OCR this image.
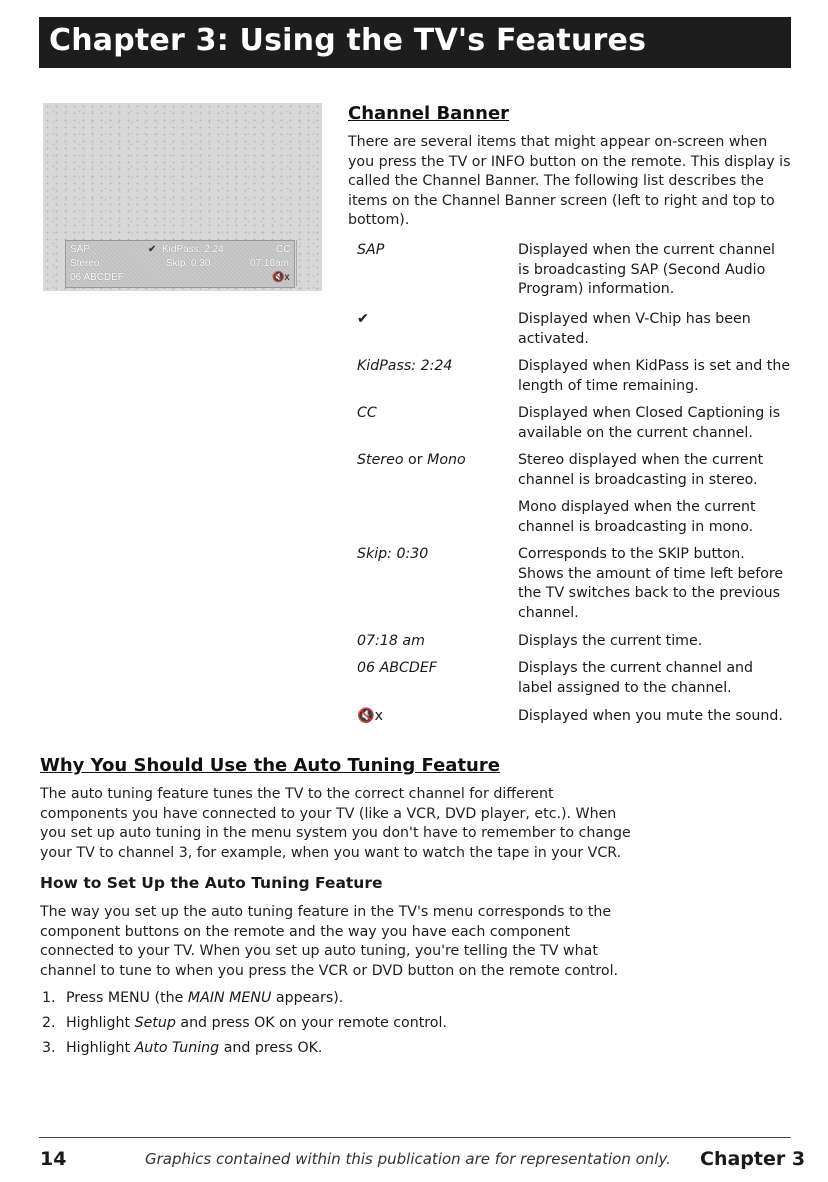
Chapter 3: Using the TV's Features
SAP	✔ KidPass: 2:24	CC
Stereo	Skip: 0:30	07:18am
06 ABCDEF	🔇x
Channel Banner
There are several items that might appear on-screen when
you press the TV or INFO button on the remote. This display is
called the Channel Banner. The following list describes the
items on the Channel Banner screen (left to right and top to
bottom).
SAP	Displayed when the current channel
is broadcasting SAP (Second Audio
Program) information.
✔	Displayed when V-Chip has been
activated.
KidPass: 2:24	Displayed when KidPass is set and the
length of time remaining.
CC	Displayed when Closed Captioning is
available on the current channel.
Stereo or Mono	Stereo displayed when the current
channel is broadcasting in stereo.
Mono displayed when the current
channel is broadcasting in mono.
Skip: 0:30	Corresponds to the SKIP button.
Shows the amount of time left before
the TV switches back to the previous
channel.
07:18 am	Displays the current time.
06 ABCDEF	Displays the current channel and
label assigned to the channel.
🔇x	Displayed when you mute the sound.
Why You Should Use the Auto Tuning Feature
The auto tuning feature tunes the TV to the correct channel for different
components you have connected to your TV (like a VCR, DVD player, etc.). When
you set up auto tuning in the menu system you don't have to remember to change
your TV to channel 3, for example, when you want to watch the tape in your VCR.
How to Set Up the Auto Tuning Feature
The way you set up the auto tuning feature in the TV's menu corresponds to the
component buttons on the remote and the way you have each component
connected to your TV. When you set up auto tuning, you're telling the TV what
channel to tune to when you press the VCR or DVD button on the remote control.
1. Press MENU (the MAIN MENU appears).
2. Highlight Setup and press OK on your remote control.
3. Highlight Auto Tuning and press OK.
14	Graphics contained within this publication are for representation only. Chapter 3
